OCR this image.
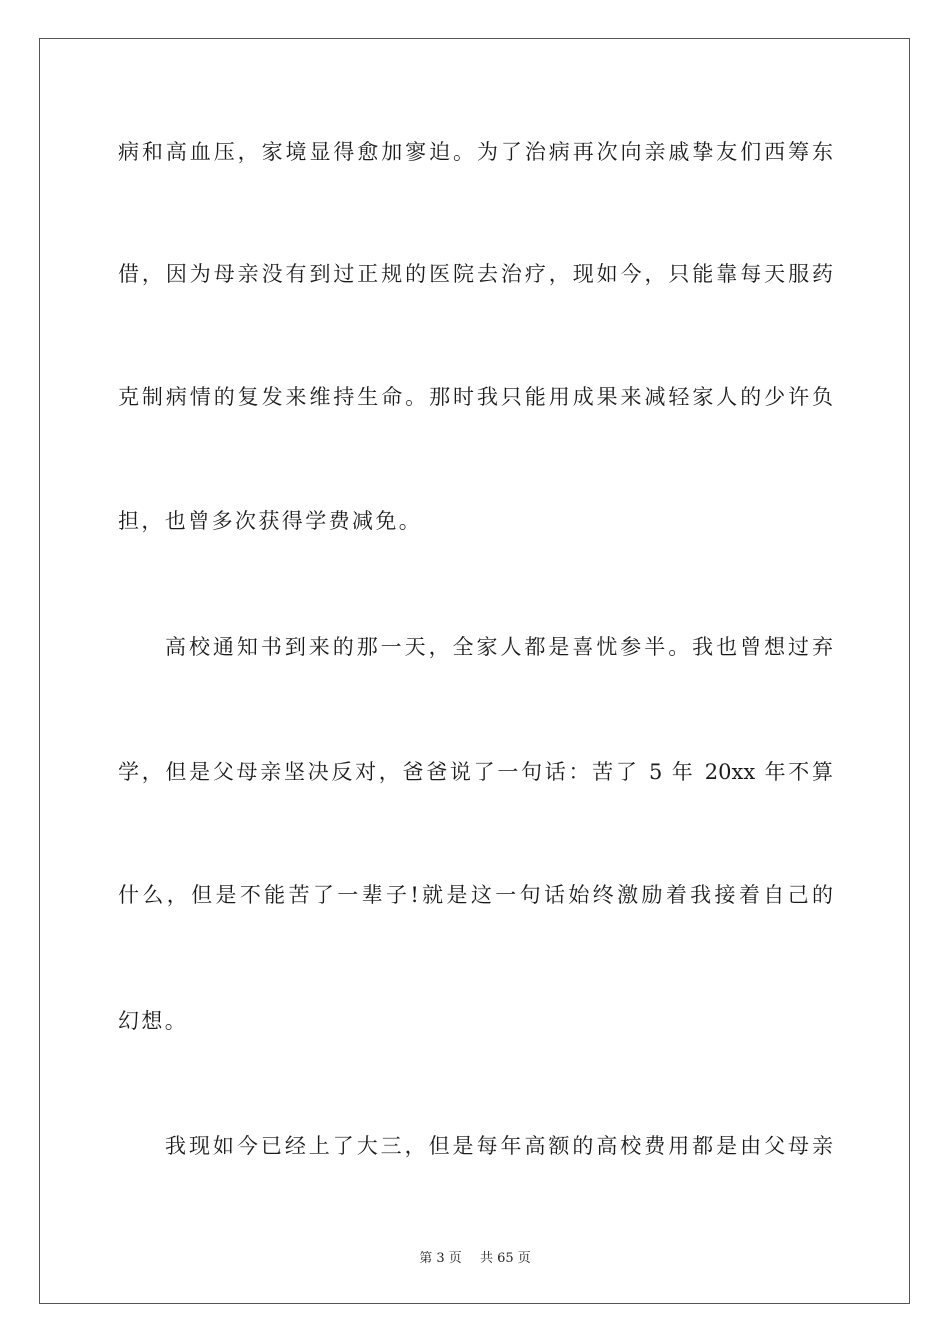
病和高血压，家境显得愈加寥迫。为了治病再次向亲戚挚友们西筹东
借，因为母亲没有到过正规的医院去治疗，现如今，只能靠每天服药
克制病情的复发来维持生命。那时我只能用成果来减轻家人的少许负
担，也曾多次获得学费减免。
高校通知书到来的那一天，全家人都是喜忧参半。我也曾想过弃
学，但是父母亲坚决反对，爸爸说了一句话：苦了 5 年 20xx 年不算
什么，但是不能苦了一辈子!就是这一句话始终激励着我接着自己的
幻想。
我现如今已经上了大三，但是每年高额的高校费用都是由父母亲
第 3 页 共 65 页
